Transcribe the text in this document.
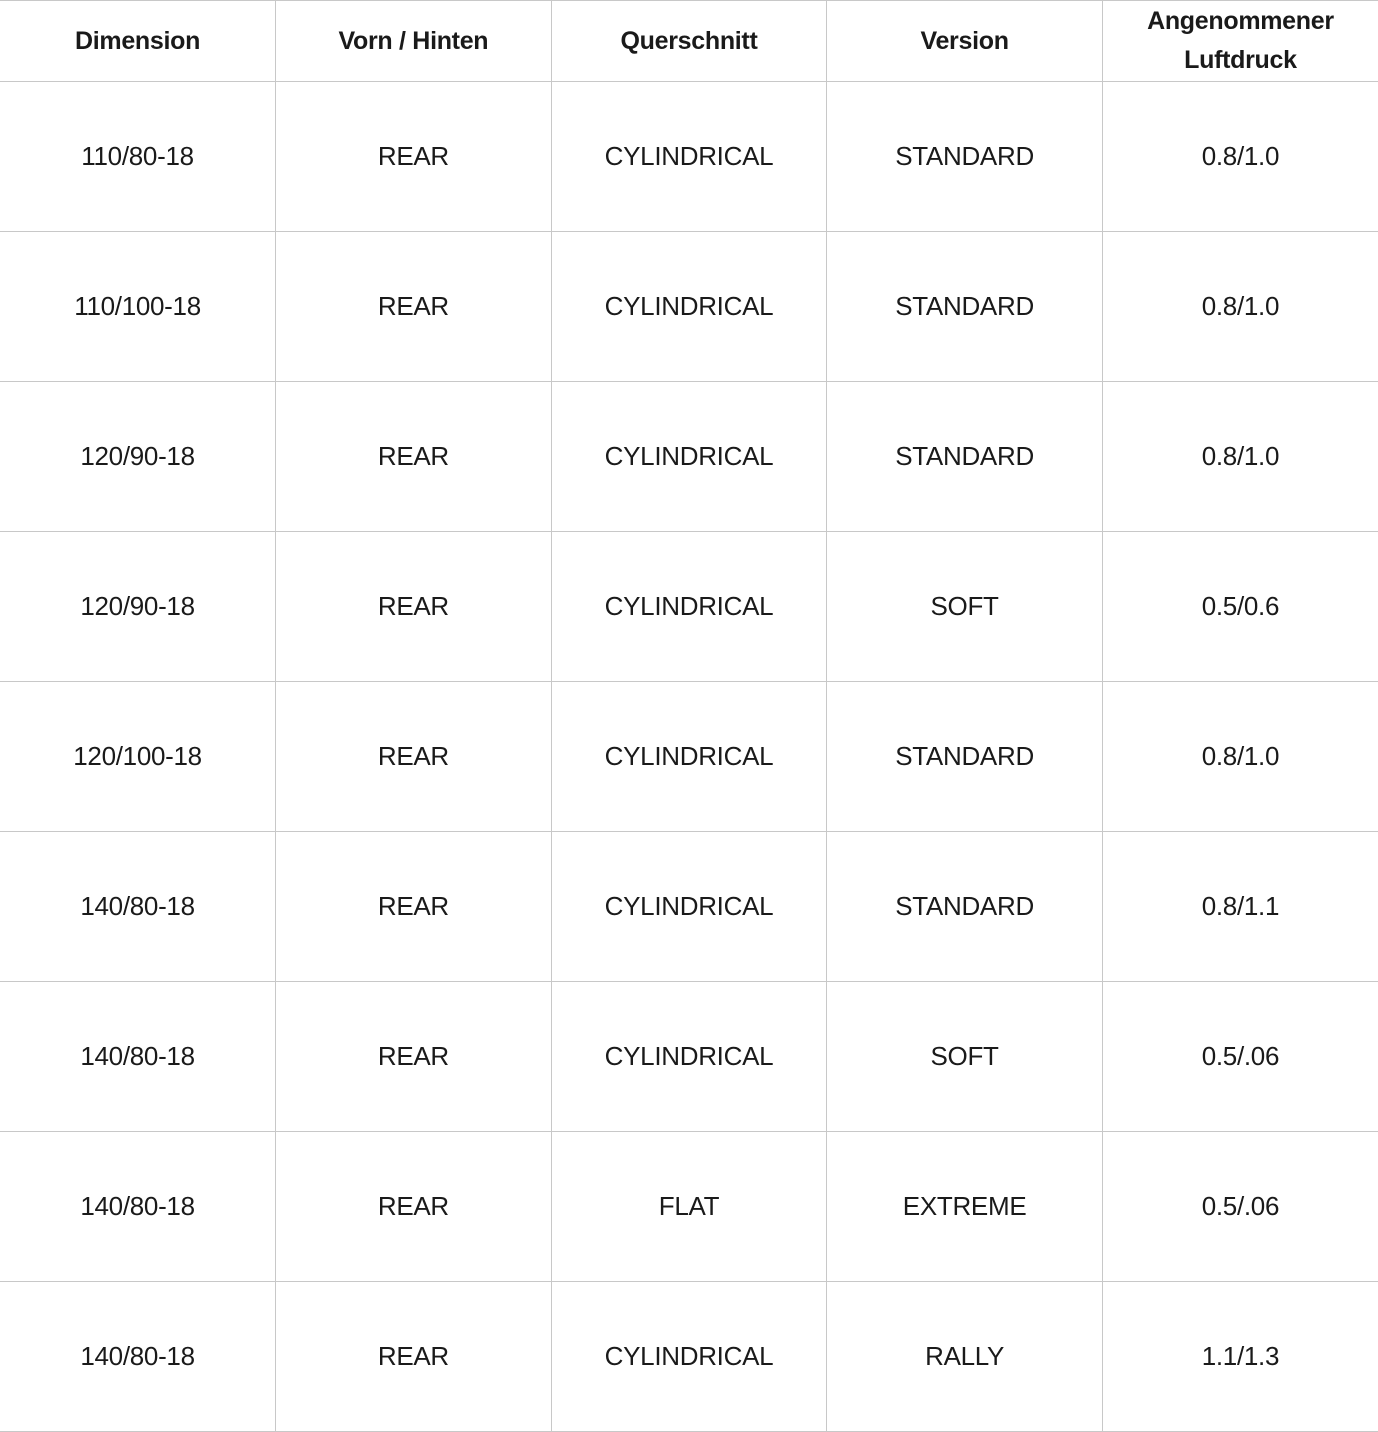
Dimension	Vorn / Hinten	Querschnitt	Version	Angenommener Luftdruck
110/80-18	REAR	CYLINDRICAL	STANDARD	0.8/1.0
110/100-18	REAR	CYLINDRICAL	STANDARD	0.8/1.0
120/90-18	REAR	CYLINDRICAL	STANDARD	0.8/1.0
120/90-18	REAR	CYLINDRICAL	SOFT	0.5/0.6
120/100-18	REAR	CYLINDRICAL	STANDARD	0.8/1.0
140/80-18	REAR	CYLINDRICAL	STANDARD	0.8/1.1
140/80-18	REAR	CYLINDRICAL	SOFT	0.5/.06
140/80-18	REAR	FLAT	EXTREME	0.5/.06
140/80-18	REAR	CYLINDRICAL	RALLY	1.1/1.3
